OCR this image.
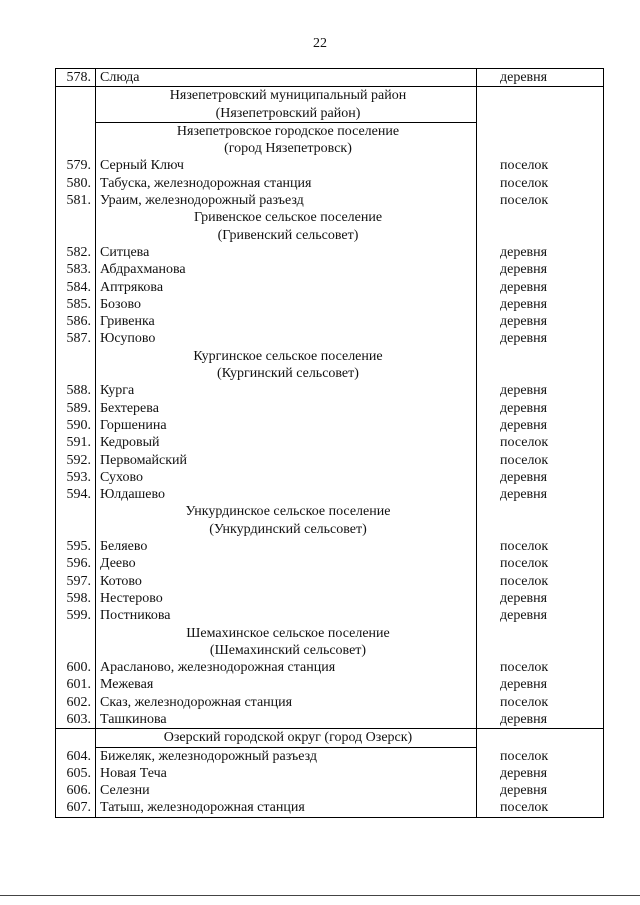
22
578.	Слюда	деревня
	Нязепетровский муниципальный район	
	(Нязепетровский район)	
	Нязепетровское городское поселение	
	(город Нязепетровск)	
579.	Серный Ключ	поселок
580.	Табуска, железнодорожная станция	поселок
581.	Ураим, железнодорожный разъезд	поселок
	Гривенское сельское поселение	
	(Гривенский сельсовет)	
582.	Ситцева	деревня
583.	Абдрахманова	деревня
584.	Аптрякова	деревня
585.	Бозово	деревня
586.	Гривенка	деревня
587.	Юсупово	деревня
	Кургинское сельское поселение	
	(Кургинский сельсовет)	
588.	Курга	деревня
589.	Бехтерева	деревня
590.	Горшенина	деревня
591.	Кедровый	поселок
592.	Первомайский	поселок
593.	Сухово	деревня
594.	Юлдашево	деревня
	Ункурдинское сельское поселение	
	(Ункурдинский сельсовет)	
595.	Беляево	поселок
596.	Деево	поселок
597.	Котово	поселок
598.	Нестерово	деревня
599.	Постникова	деревня
	Шемахинское сельское поселение	
	(Шемахинский сельсовет)	
600.	Арасланово, железнодорожная станция	поселок
601.	Межевая	деревня
602.	Сказ, железнодорожная станция	поселок
603.	Ташкинова	деревня
	Озерский городской округ (город Озерск)	
604.	Бижеляк, железнодорожный разъезд	поселок
605.	Новая Теча	деревня
606.	Селезни	деревня
607.	Татыш, железнодорожная станция	поселок
